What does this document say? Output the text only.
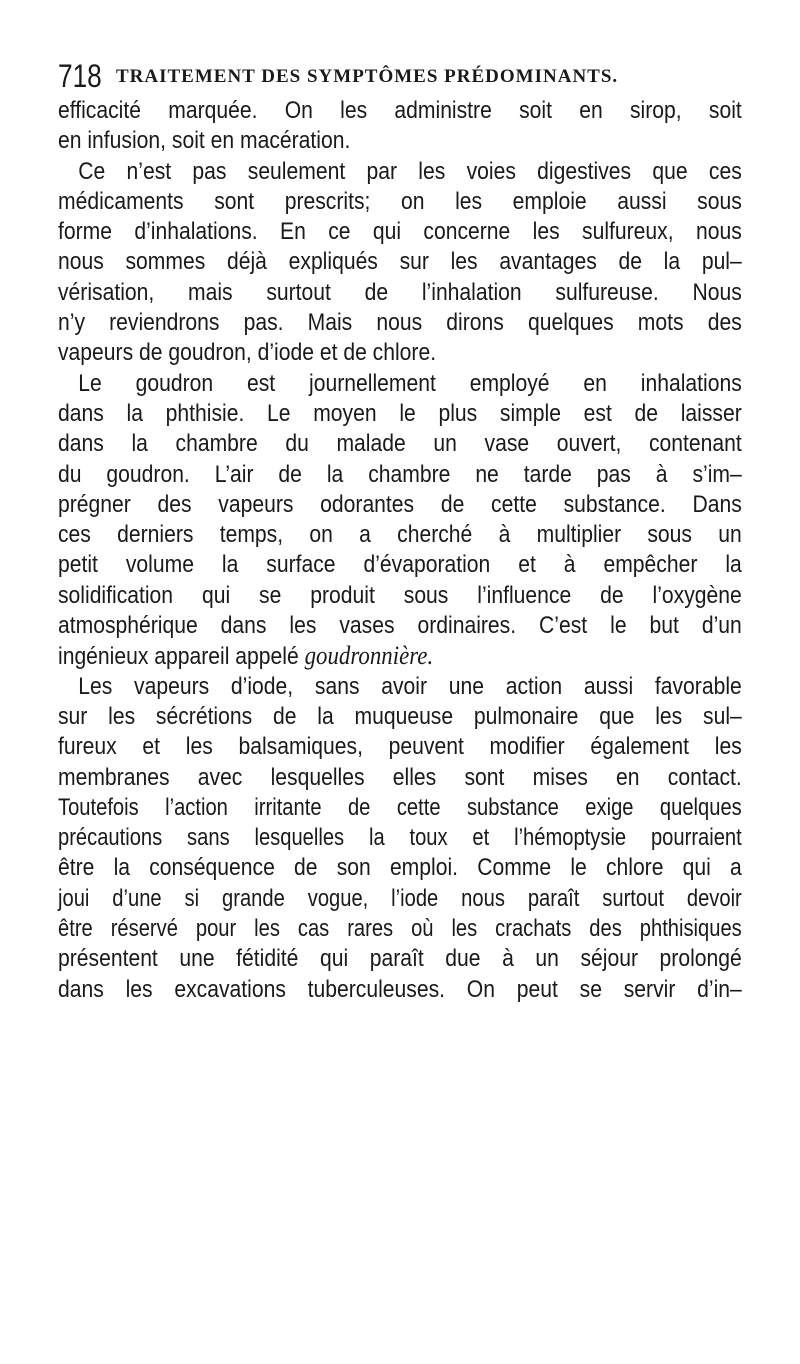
718 TRAITEMENT DES SYMPTÔMES PRÉDOMINANTS.
efficacité marquée. On les administre soit en sirop, soit
en infusion, soit en macération.
Ce n’est pas seulement par les voies digestives que ces
médicaments sont prescrits; on les emploie aussi sous
forme d’inhalations. En ce qui concerne les sulfureux, nous
nous sommes déjà expliqués sur les avantages de la pul–
vérisation, mais surtout de l’inhalation sulfureuse. Nous
n’y reviendrons pas. Mais nous dirons quelques mots des
vapeurs de goudron, d’iode et de chlore.
Le goudron est journellement employé en inhalations
dans la phthisie. Le moyen le plus simple est de laisser
dans la chambre du malade un vase ouvert, contenant
du goudron. L’air de la chambre ne tarde pas à s’im–
prégner des vapeurs odorantes de cette substance. Dans
ces derniers temps, on a cherché à multiplier sous un
petit volume la surface d’évaporation et à empêcher la
solidification qui se produit sous l’influence de l’oxygène
atmosphérique dans les vases ordinaires. C’est le but d’un
ingénieux appareil appelé goudronnière.
Les vapeurs d’iode, sans avoir une action aussi favorable
sur les sécrétions de la muqueuse pulmonaire que les sul–
fureux et les balsamiques, peuvent modifier également les
membranes avec lesquelles elles sont mises en contact.
Toutefois l’action irritante de cette substance exige quelques
précautions sans lesquelles la toux et l’hémoptysie pourraient
être la conséquence de son emploi. Comme le chlore qui a
joui d’une si grande vogue, l’iode nous paraît surtout devoir
être réservé pour les cas rares où les crachats des phthisiques
présentent une fétidité qui paraît due à un séjour prolongé
dans les excavations tuberculeuses. On peut se servir d’in–
